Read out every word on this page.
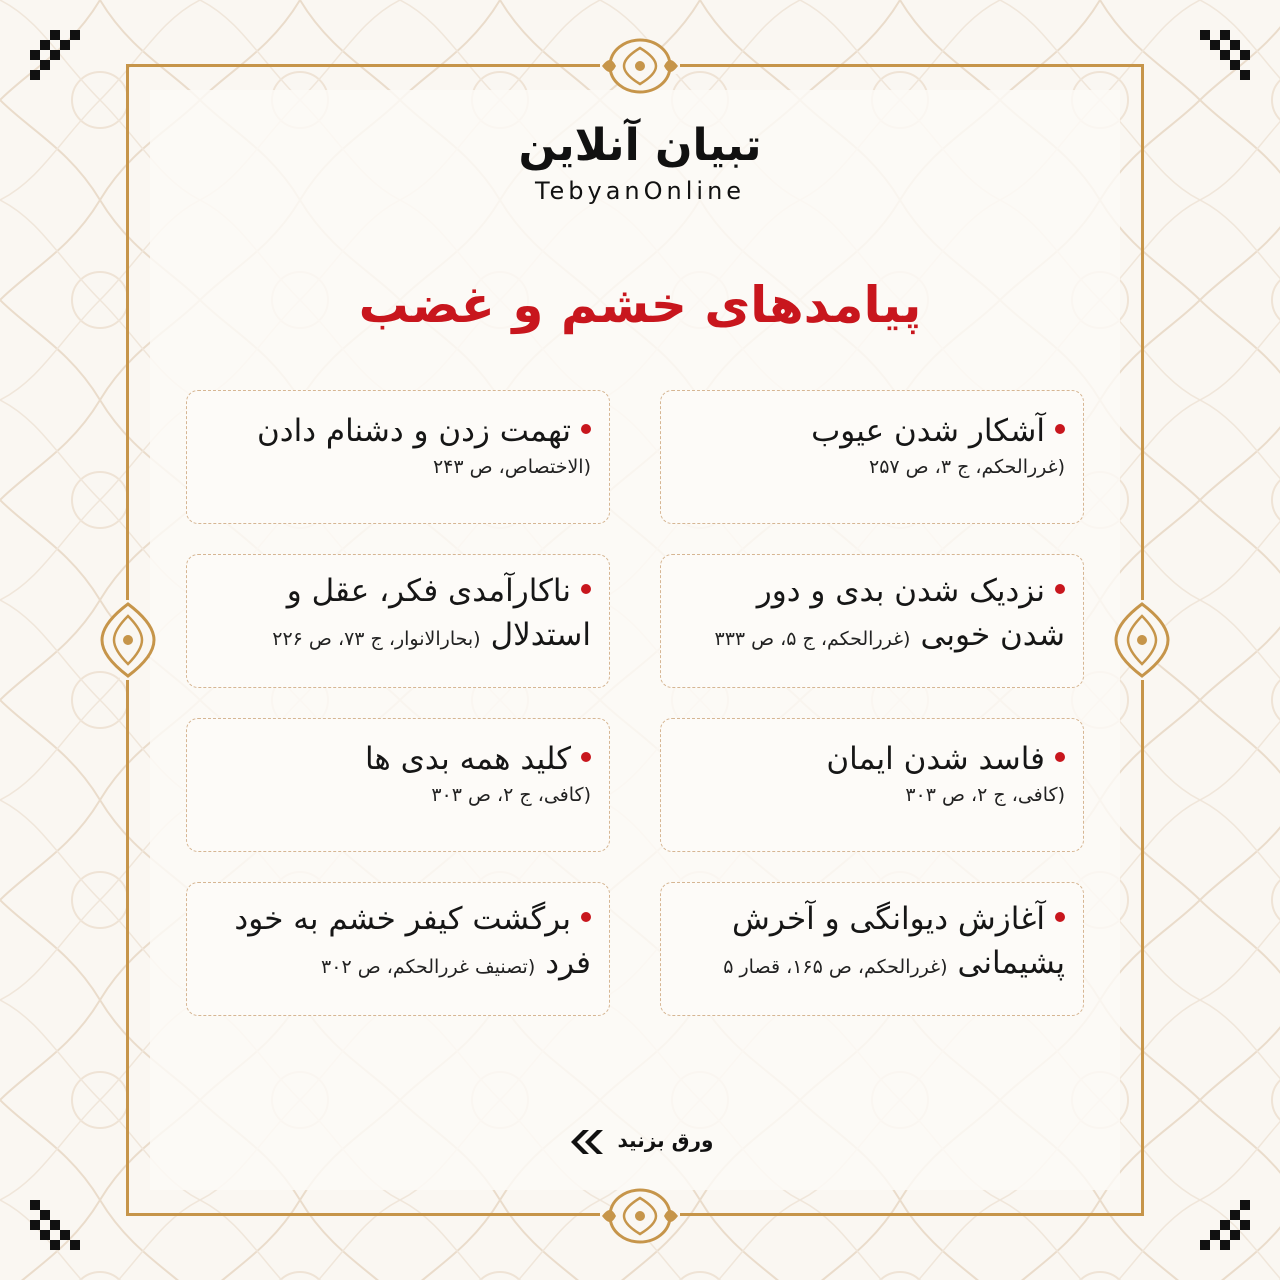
تبیان آنلاین
TebyanOnline
پیامدهای خشم و غضب
آشکار شدن عیوب
(غررالحکم، ج ۳، ص ۲۵۷
تهمت زدن و دشنام دادن
(الاختصاص، ص ۲۴۳
نزدیک شدن بدی و دور
شدن خوبی(غررالحکم، ج ۵، ص ۳۳۳
ناکارآمدی فکر، عقل و
استدلال(بحارالانوار، ج ۷۳، ص ۲۲۶
فاسد شدن ایمان
(کافی، ج ۲، ص ۳۰۳
کلید همه بدی ها
(کافی، ج ۲، ص ۳۰۳
آغازش دیوانگی و آخرش
پشیمانی(غررالحکم، ص ۱۶۵، قصار ۵
برگشت کیفر خشم به خود
فرد(تصنیف غررالحکم، ص ۳۰۲
ورق بزنید
